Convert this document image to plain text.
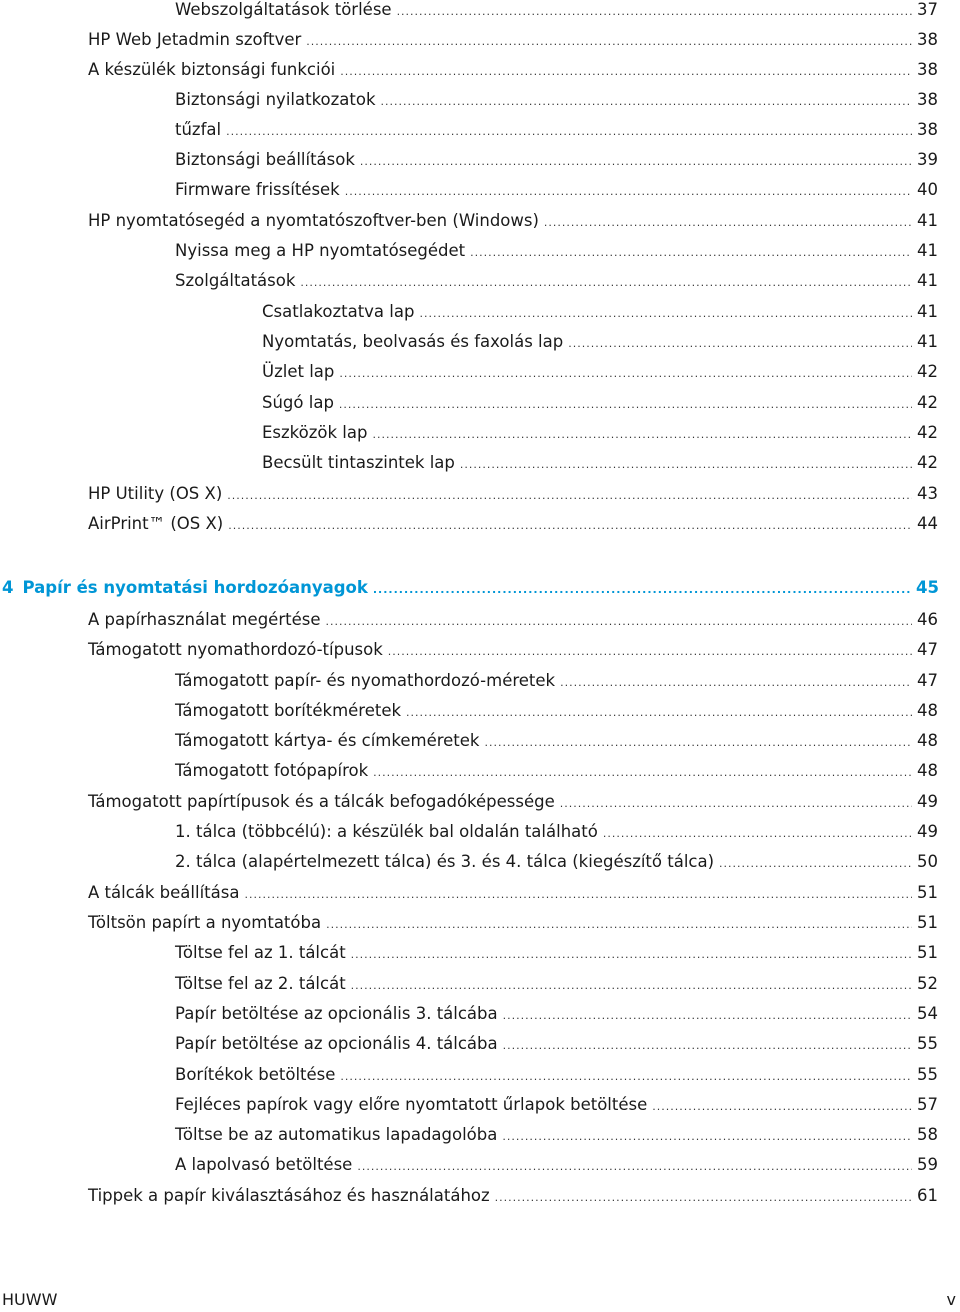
Webszolgáltatások törlése .....	37
HP Web Jetadmin szoftver .....	38
A készülék biztonsági funkciói .....	38
Biztonsági nyilatkozatok .....	38
tűzfal .....	38
Biztonsági beállítások .....	39
Firmware frissítések .....	40
HP nyomtatósegéd a nyomtatószoftver-ben (Windows) .....	41
Nyissa meg a HP nyomtatósegédet .....	41
Szolgáltatások .....	41
Csatlakoztatva lap .....	41
Nyomtatás, beolvasás és faxolás lap .....	41
Üzlet lap .....	42
Súgó lap .....	42
Eszközök lap .....	42
Becsült tintaszintek lap .....	42
HP Utility (OS X) .....	43
AirPrint™ (OS X) .....	44
4 Papír és nyomtatási hordozóanyagok .....	45
A papírhasználat megértése .....	46
Támogatott nyomathordozó-típusok .....	47
Támogatott papír- és nyomathordozó-méretek .....	47
Támogatott borítékméretek .....	48
Támogatott kártya- és címkeméretek .....	48
Támogatott fotópapírok .....	48
Támogatott papírtípusok és a tálcák befogadóképessége .....	49
1. tálca (többcélú): a készülék bal oldalán található .....	49
2. tálca (alapértelmezett tálca) és 3. és 4. tálca (kiegészítő tálca) .....	50
A tálcák beállítása .....	51
Töltsön papírt a nyomtatóba .....	51
Töltse fel az 1. tálcát .....	51
Töltse fel az 2. tálcát .....	52
Papír betöltése az opcionális 3. tálcába .....	54
Papír betöltése az opcionális 4. tálcába .....	55
Borítékok betöltése .....	55
Fejléces papírok vagy előre nyomtatott űrlapok betöltése .....	57
Töltse be az automatikus lapadagolóba .....	58
A lapolvasó betöltése .....	59
Tippek a papír kiválasztásához és használatához .....	61
HUWW	v
